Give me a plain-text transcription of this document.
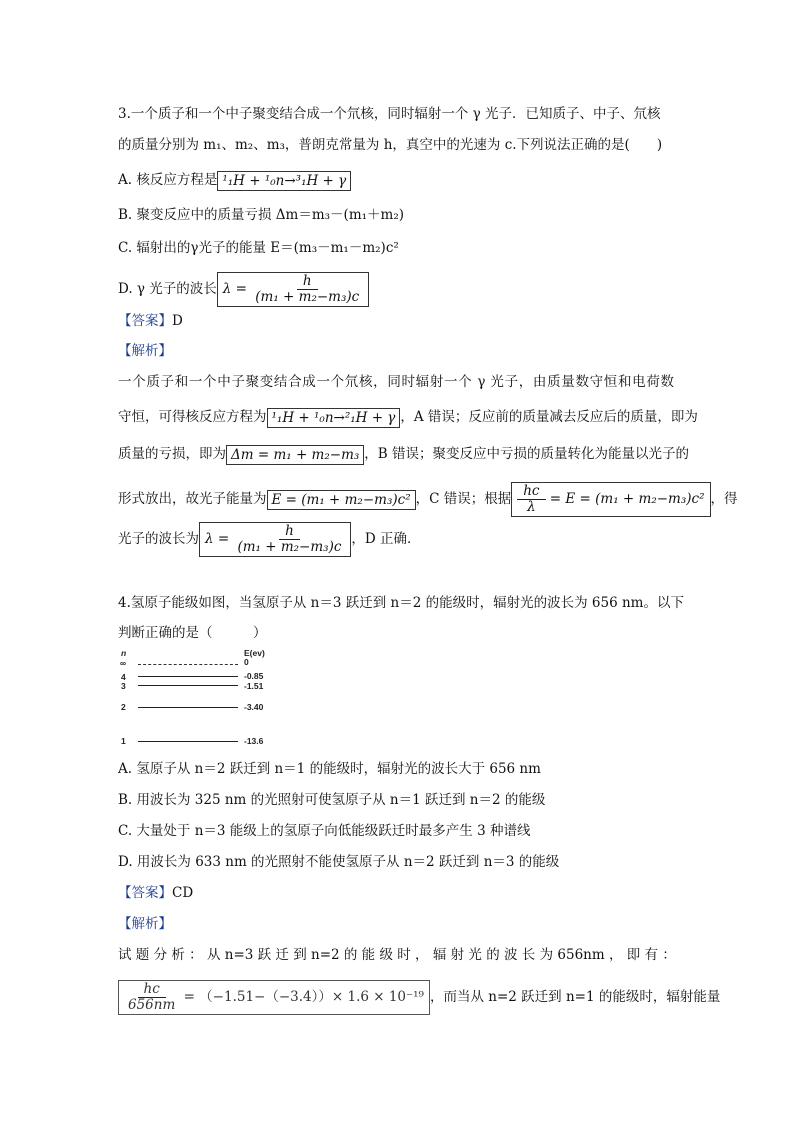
3.一个质子和一个中子聚变结合成一个氘核，同时辐射一个 γ 光子．已知质子、中子、氘核
的质量分别为 m₁、m₂、m₃，普朗克常量为 h，真空中的光速为 c.下列说法正确的是(　　)
A. 核反应方程是 ¹₁H + ¹₀n→³₁H + γ
B. 聚变反应中的质量亏损 Δm＝m₃－(m₁＋m₂)
C. 辐射出的γ光子的能量 E＝(m₃－m₁－m₂)c²
D. γ 光子的波长 $\lambda = \frac{h}{\text{(m₁ + m₂−m₃)c}}$
【答案】D
【解析】
一个质子和一个中子聚变结合成一个氘核，同时辐射一个 γ 光子，由质量数守恒和电荷数
守恒，可得核反应方程为 ¹₁H + ¹₀n→²₁H + γ ，A 错误；反应前的质量减去反应后的质量，即为
质量的亏损，即为 Δm = m₁ + m₂−m₃ ，B 错误；聚变反应中亏损的质量转化为能量以光子的
形式放出，故光子能量为 E = (m₁ + m₂−m₃)c² ，C 错误；根据 $\frac{hc}{\lambda} = E = (m_1 + m_2-m_3)c^2$ ，得
光子的波长为 $\lambda = \frac{h}{\text{(m₁ + m₂−m₃)c}}$ ，D 正确．
4.氢原子能级如图，当氢原子从 n＝3 跃迁到 n＝2 的能级时，辐射光的波长为 656 nm。以下
判断正确的是（　　　）
n	E(ev)
∞	0
4	-0.85
3	-1.51
2	-3.40
1	-13.6
A. 氢原子从 n＝2 跃迁到 n＝1 的能级时，辐射光的波长大于 656 nm
B. 用波长为 325 nm 的光照射可使氢原子从 n＝1 跃迁到 n＝2 的能级
C. 大量处于 n＝3 能级上的氢原子向低能级跃迁时最多产生 3 种谱线
D. 用波长为 633 nm 的光照射不能使氢原子从 n＝2 跃迁到 n＝3 的能级
【答案】CD
【解析】
试 题 分 析 ： 从 n=3 跃 迁 到 n=2 的 能 级 时 ， 辐 射 光 的 波 长 为 656nm ， 即 有 ：
$\frac{hc}{656nm} = (-1.51-(-3.4))\times 1.6 \times 10^{-19}$ ，而当从 n=2 跃迁到 n=1 的能级时，辐射能量
